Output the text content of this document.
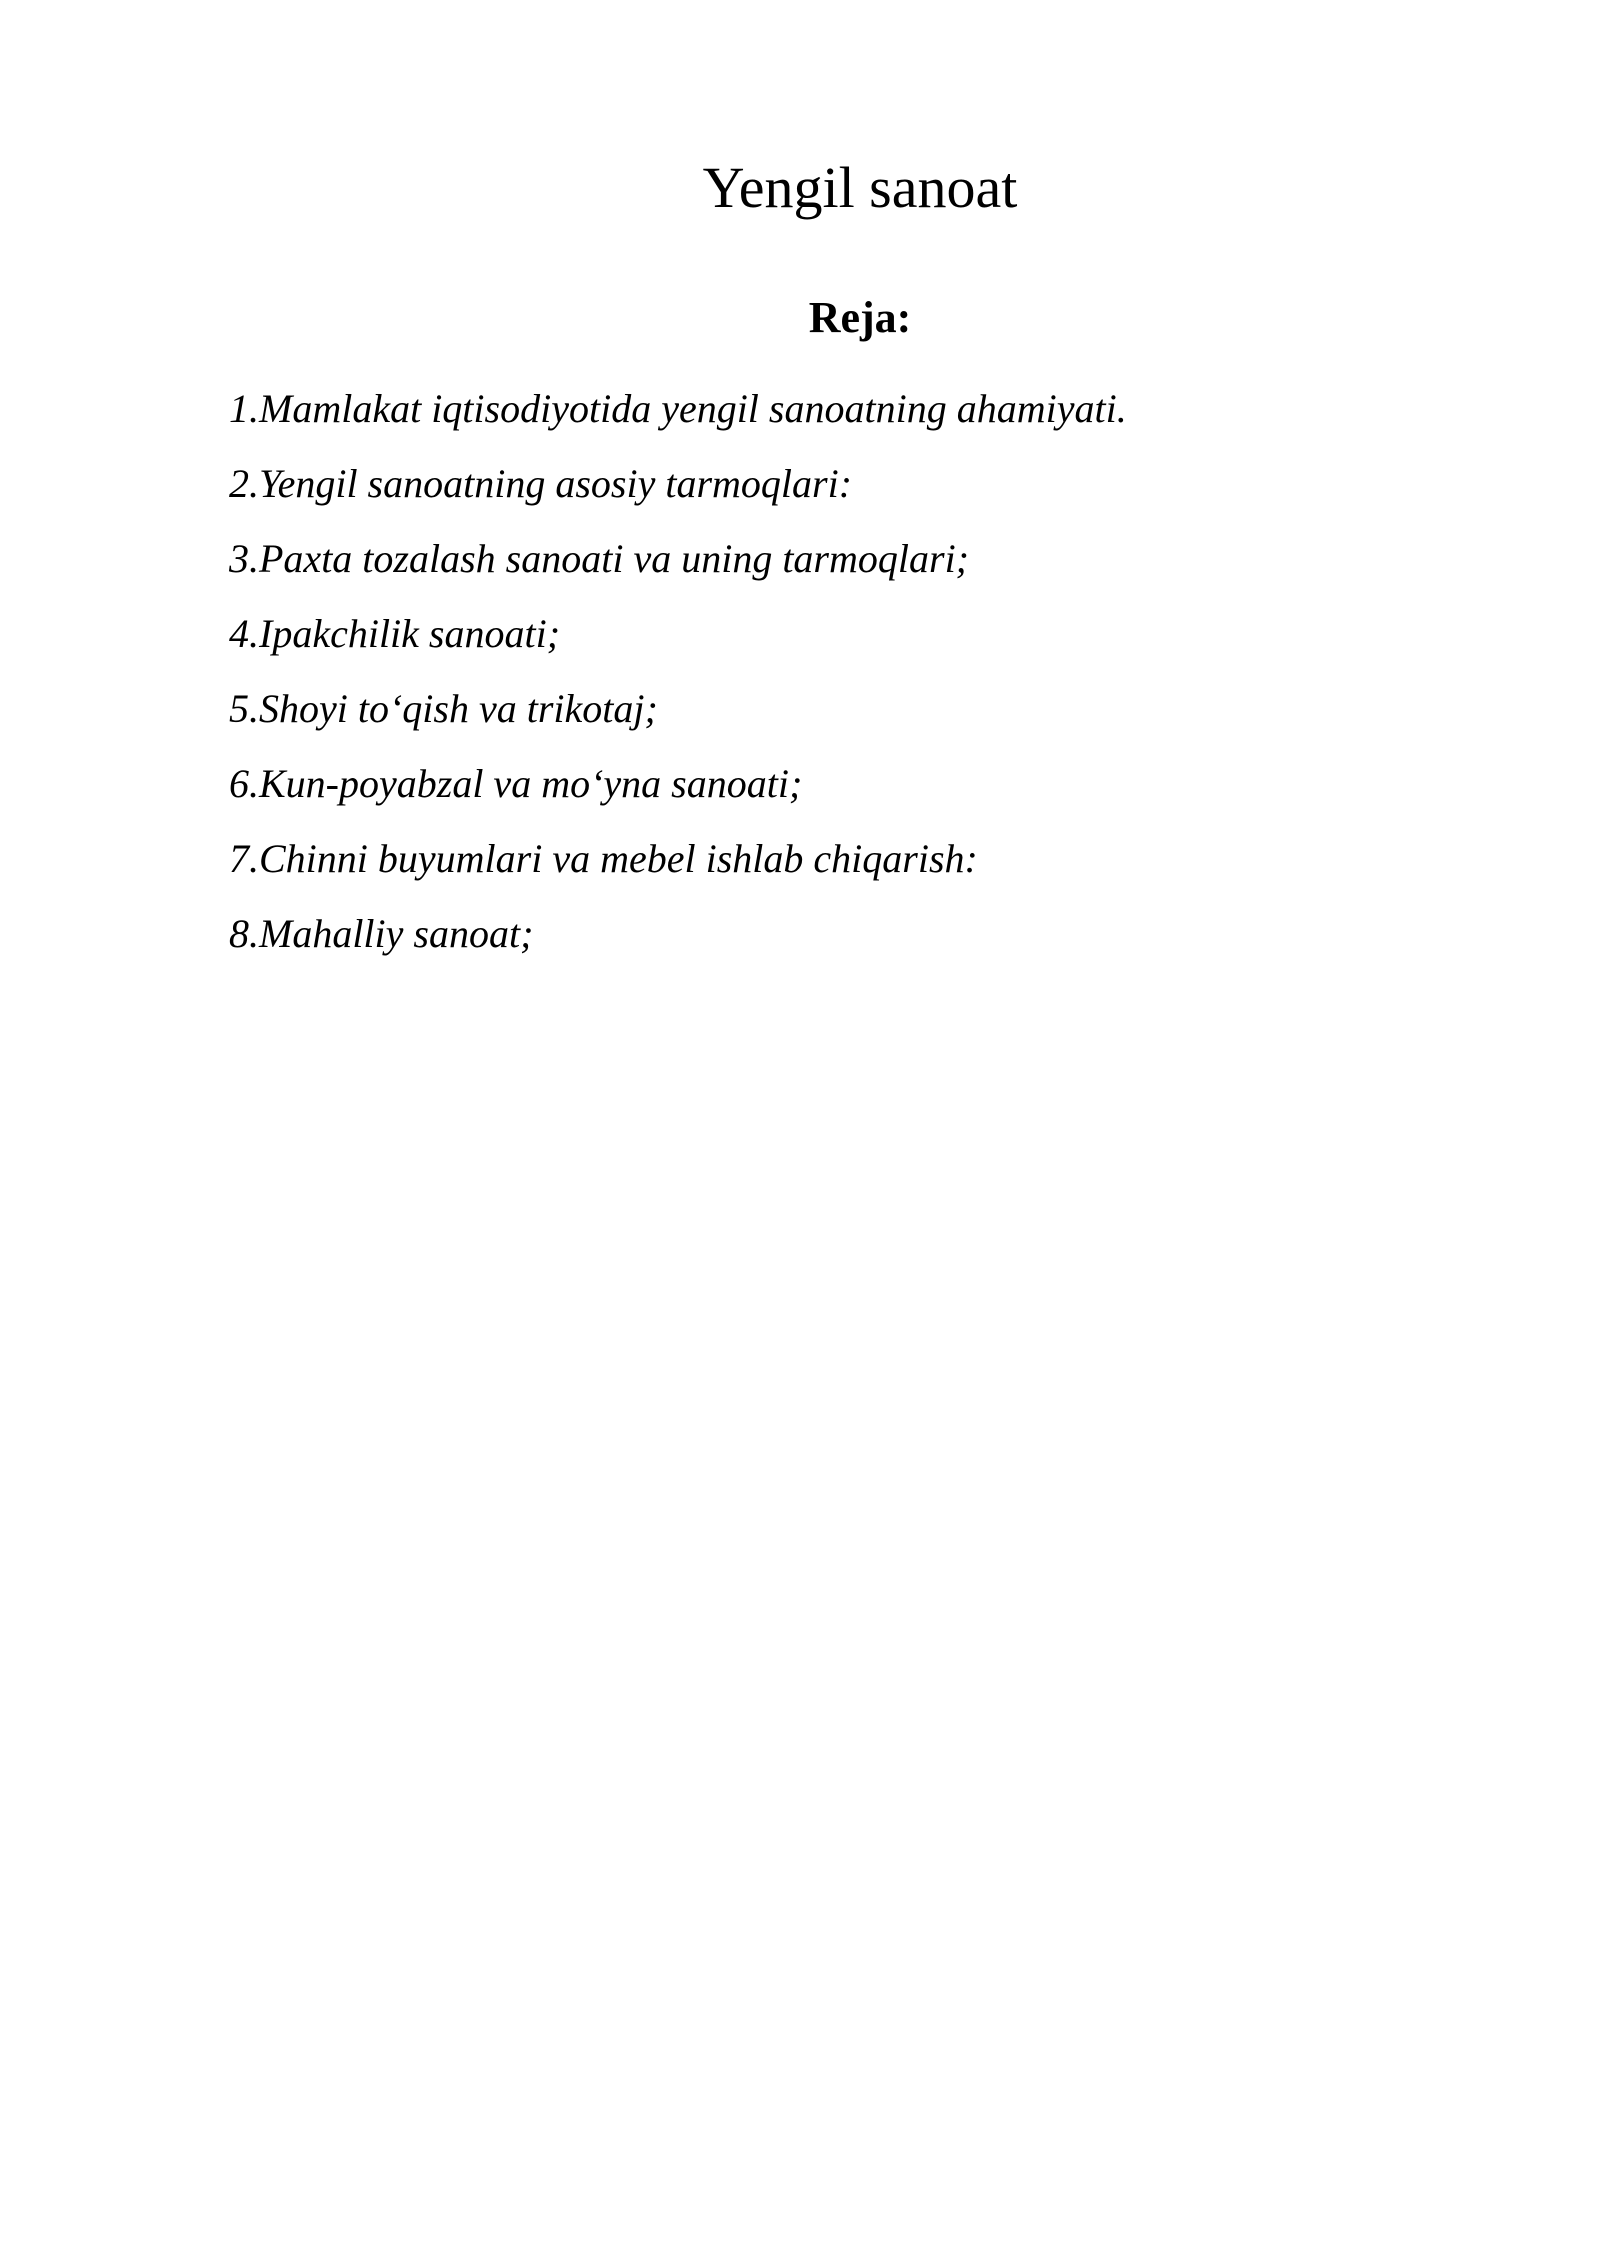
Yengil sanoat
Reja:
1.Mamlakat iqtisodiyotida yengil sanoatning ahamiyati.
2.Yengil sanoatning asosiy tarmoqlari:
3.Paxta tozalash sanoati va uning tarmoqlari;
4.Ipakchilik sanoati;
5.Shoyi to‘qish va trikotaj;
6.Kun-poyabzal va mo‘yna sanoati;
7.Chinni buyumlari va mebel ishlab chiqarish:
8.Mahalliy sanoat;
